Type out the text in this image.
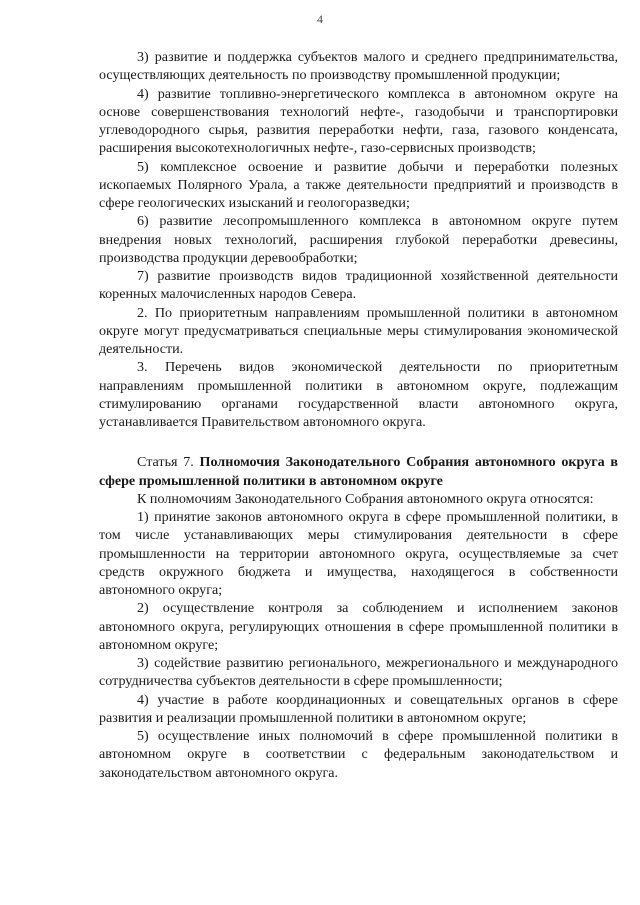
4

3) развитие и поддержка субъектов малого и среднего предпринимательства, осуществляющих деятельность по производству промышленной продукции;

4) развитие топливно-энергетического комплекса в автономном округе на основе совершенствования технологий нефте-, газодобычи и транспортировки углеводородного сырья, развития переработки нефти, газа, газового конденсата, расширения высокотехнологичных нефте-, газо-сервисных производств;

5) комплексное освоение и развитие добычи и переработки полезных ископаемых Полярного Урала, а также деятельности предприятий и производств в сфере геологических изысканий и геологоразведки;

6) развитие лесопромышленного комплекса в автономном округе путем внедрения новых технологий, расширения глубокой переработки древесины, производства продукции деревообработки;

7) развитие производств видов традиционной хозяйственной деятельности коренных малочисленных народов Севера.

2. По приоритетным направлениям промышленной политики в автономном округе могут предусматриваться специальные меры стимулирования экономической деятельности.

3. Перечень видов экономической деятельности по приоритетным направлениям промышленной политики в автономном округе, подлежащим стимулированию органами государственной власти автономного округа, устанавливается Правительством автономного округа.

Статья 7. Полномочия Законодательного Собрания автономного округа в сфере промышленной политики в автономном округе

К полномочиям Законодательного Собрания автономного округа относятся:

1) принятие законов автономного округа в сфере промышленной политики, в том числе устанавливающих меры стимулирования деятельности в сфере промышленности на территории автономного округа, осуществляемые за счет средств окружного бюджета и имущества, находящегося в собственности автономного округа;

2) осуществление контроля за соблюдением и исполнением законов автономного округа, регулирующих отношения в сфере промышленной политики в автономном округе;

3) содействие развитию регионального, межрегионального и международного сотрудничества субъектов деятельности в сфере промышленности;

4) участие в работе координационных и совещательных органов в сфере развития и реализации промышленной политики в автономном округе;

5) осуществление иных полномочий в сфере промышленной политики в автономном округе в соответствии с федеральным законодательством и законодательством автономного округа.
